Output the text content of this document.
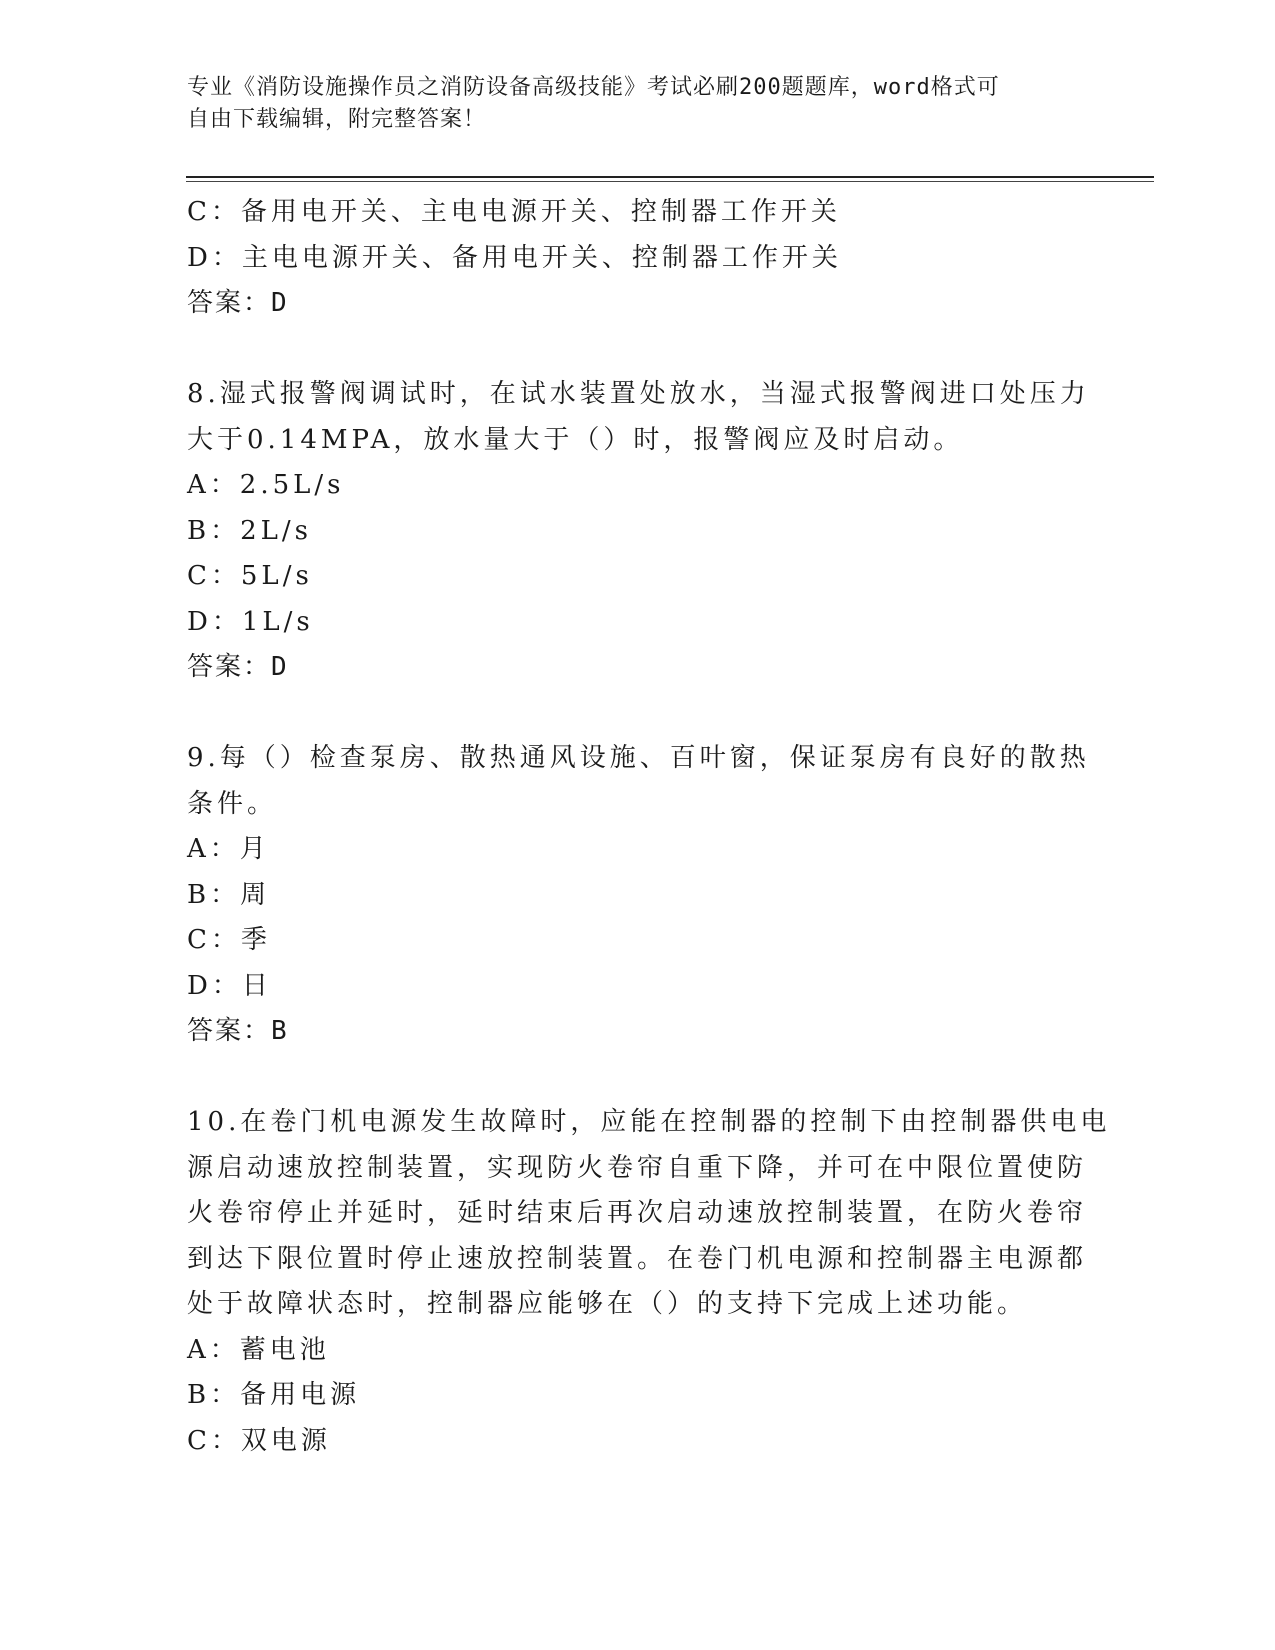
专业《消防设施操作员之消防设备高级技能》考试必刷200题题库，word格式可
自由下载编辑，附完整答案！
C：备用电开关、主电电源开关、控制器工作开关
D：主电电源开关、备用电开关、控制器工作开关
答案：D
8.湿式报警阀调试时，在试水装置处放水，当湿式报警阀进口处压力
大于0.14MPA，放水量大于（）时，报警阀应及时启动。
A：2.5L/s
B：2L/s
C：5L/s
D：1L/s
答案：D
9.每（）检查泵房、散热通风设施、百叶窗，保证泵房有良好的散热
条件。
A：月
B：周
C：季
D：日
答案：B
10.在卷门机电源发生故障时，应能在控制器的控制下由控制器供电电
源启动速放控制装置，实现防火卷帘自重下降，并可在中限位置使防
火卷帘停止并延时，延时结束后再次启动速放控制装置，在防火卷帘
到达下限位置时停止速放控制装置。在卷门机电源和控制器主电源都
处于故障状态时，控制器应能够在（）的支持下完成上述功能。
A：蓄电池
B：备用电源
C：双电源
